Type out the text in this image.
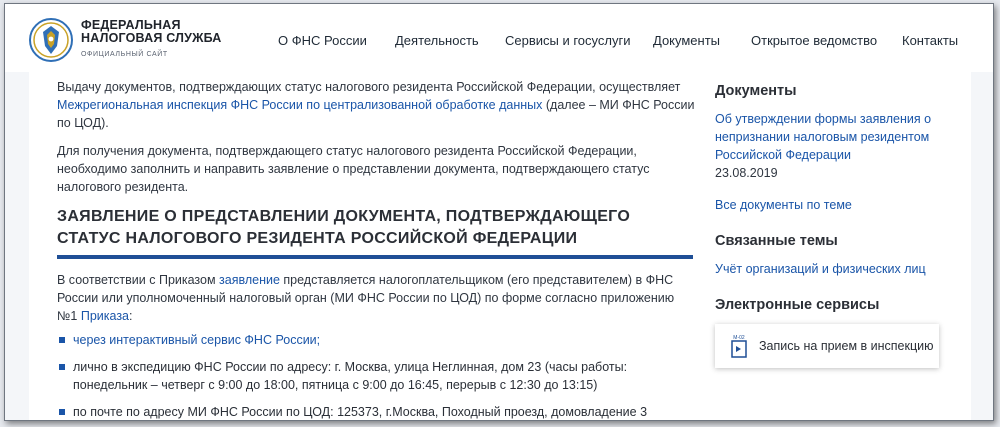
ФЕДЕРАЛЬНАЯ
НАЛОГОВАЯ СЛУЖБА
ОФИЦИАЛЬНЫЙ САЙТ
О ФНС России Деятельность Сервисы и госуслуги Документы Открытое ведомство Контакты

Выдачу документов, подтверждающих статус налогового резидента Российской Федерации, осуществляет Межрегиональная инспекция ФНС России по централизованной обработке данных (далее – МИ ФНС России по ЦОД).

Для получения документа, подтверждающего статус налогового резидента Российской Федерации, необходимо заполнить и направить заявление о представлении документа, подтверждающего статус налогового резидента.

ЗАЯВЛЕНИЕ О ПРЕДСТАВЛЕНИИ ДОКУМЕНТА, ПОДТВЕРЖДАЮЩЕГО СТАТУС НАЛОГОВОГО РЕЗИДЕНТА РОССИЙСКОЙ ФЕДЕРАЦИИ

В соответствии с Приказом заявление представляется налогоплательщиком (его представителем) в ФНС России или уполномоченный налоговый орган (МИ ФНС России по ЦОД) по форме согласно приложению №1 Приказа:

через интерактивный сервис ФНС России;
лично в экспедицию ФНС России по адресу: г. Москва, улица Неглинная, дом 23 (часы работы: понедельник – четверг с 9:00 до 18:00, пятница с 9:00 до 16:45, перерыв с 12:30 до 13:15)
по почте по адресу МИ ФНС России по ЦОД: 125373, г.Москва, Походный проезд, домовладение 3
Документы
Об утверждении формы заявления о непризнании налоговым резидентом Российской Федерации
23.08.2019
Все документы по теме
Связанные темы
Учёт организаций и физических лиц
Электронные сервисы
М-02
Запись на прием в инспекцию
